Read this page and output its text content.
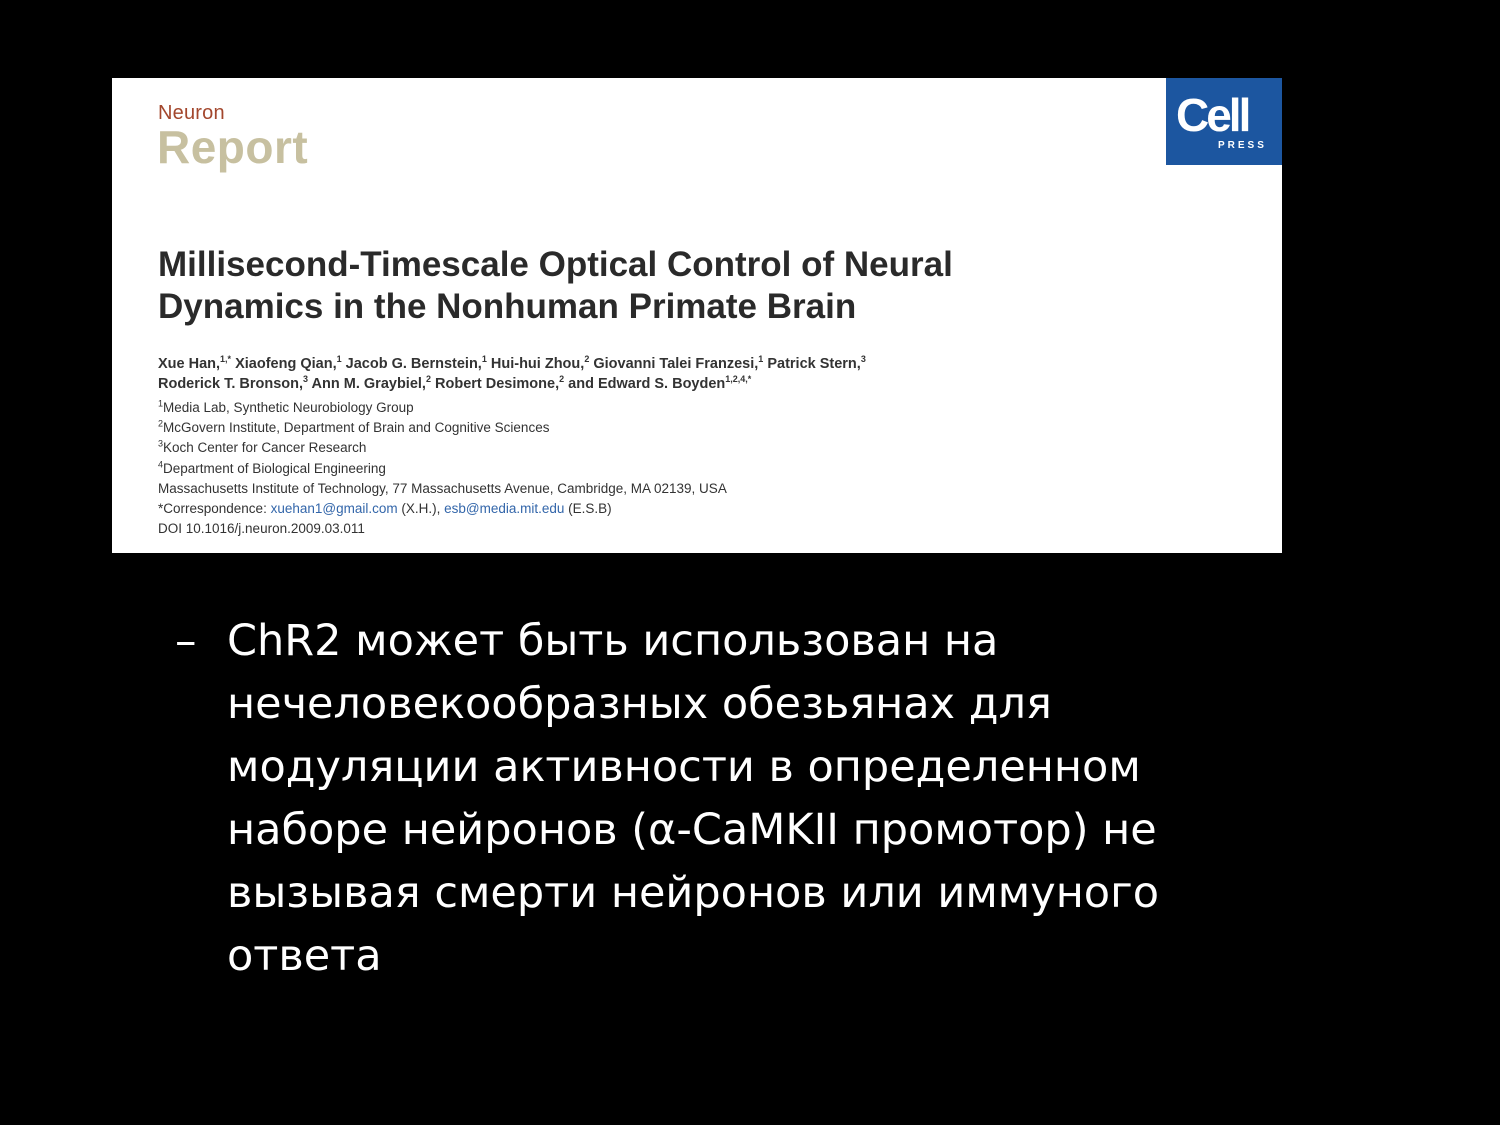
Neuron
Report
Cell
PRESS
Millisecond-Timescale Optical Control of Neural
Dynamics in the Nonhuman Primate Brain
Xue Han,$^{1,*}$ Xiaofeng Qian,$^1$ Jacob G. Bernstein,$^1$ Hui-hui Zhou,$^2$ Giovanni Talei Franzesi,$^1$ Patrick Stern,$^3$
Roderick T. Bronson,$^3$ Ann M. Graybiel,$^2$ Robert Desimone,$^2$ and Edward S. Boyden$^{1,2,4,*}$
$^1$Media Lab, Synthetic Neurobiology Group
$^2$McGovern Institute, Department of Brain and Cognitive Sciences
$^3$Koch Center for Cancer Research
$^4$Department of Biological Engineering
Massachusetts Institute of Technology, 77 Massachusetts Avenue, Cambridge, MA 02139, USA
*Correspondence: xuehan1@gmail.com (X.H.), esb@media.mit.edu (E.S.B)
DOI 10.1016/j.neuron.2009.03.011
– ChR2 может быть использован на
нечеловекообразных обезьянах для
модуляции активности в определенном
наборе нейронов (α-CaMKII промотор) не
вызывая смерти нейронов или иммуного
ответа
